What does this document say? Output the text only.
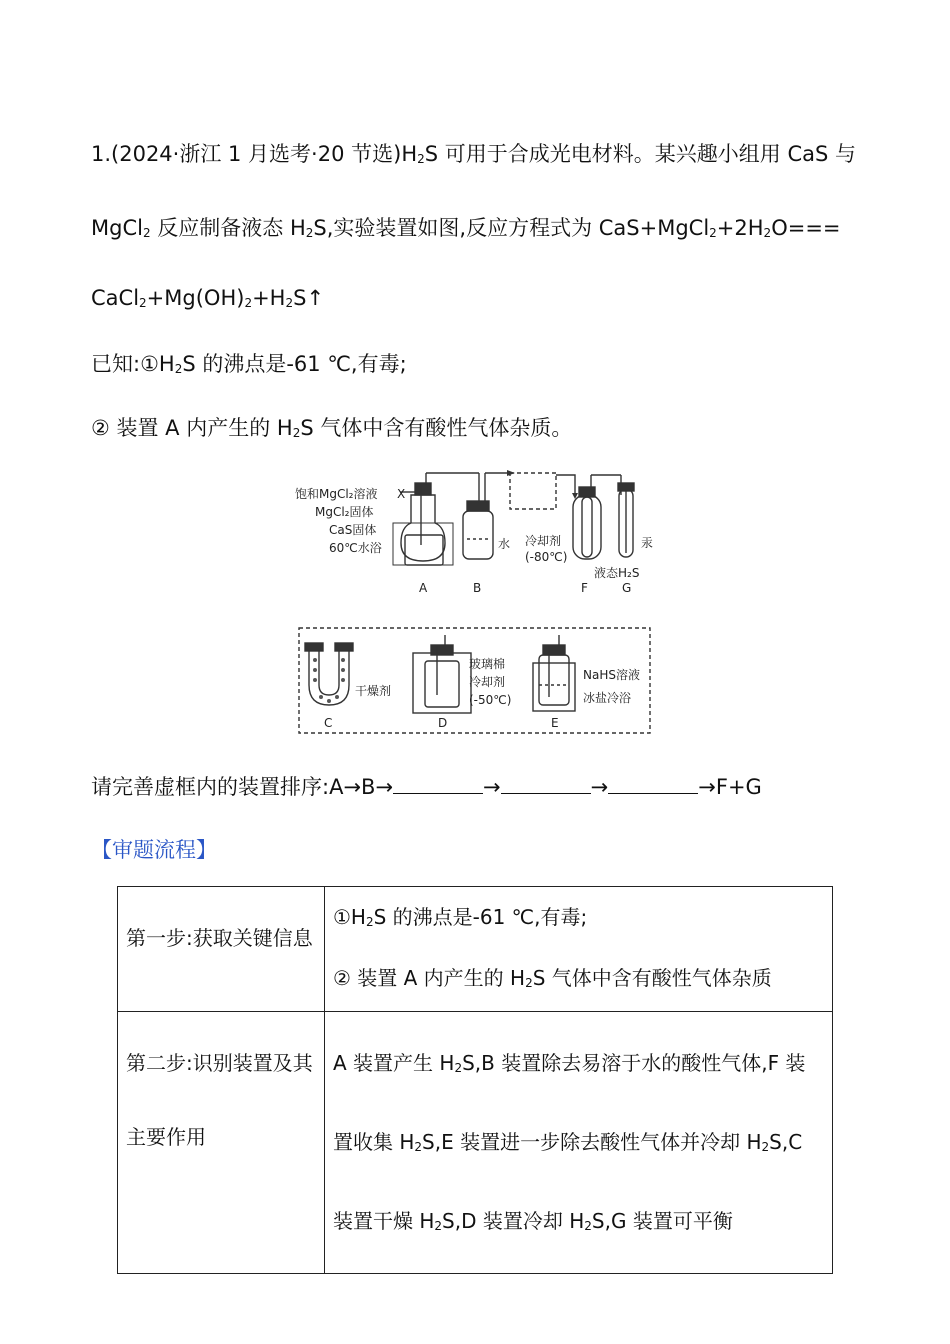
1.(2024·浙江 1 月选考·20 节选)$H_2S$ 可用于合成光电材料。某兴趣小组用 CaS 与
MgCl$_2$ 反应制备液态 $H_2S$,实验装置如图,反应方程式为 $CaS+MgCl_2+2H_2O===$
$CaCl_2+Mg(OH)_2+H_2S↑$
已知$:①H_2S$ 的沸点是-61 ℃,有毒;
② 装置 A 内产生的 $H_2S$ 气体中含有酸性气体杂质。
饱和MgCl₂溶液 X
MgCl₂固体
CaS固体
60℃水浴	水 冷却剂
(-80℃)
液态H₂S
汞
A	B	F	G
干燥剂
玻璃棉
冷却剂
(-50℃)
NaHS溶液
冰盐冷浴
C	D	E
请完善虚框内的装置排序:A→B→	→	→	→F+G
【审题流程】
第一步:获取关键信息	$①H_2S$ 的沸点是-61 ℃,有毒;
② 装置 A 内产生的 $H_2S$ 气体中含有酸性气体杂质

第二步:识别装置及其主要作用	A 装置产生 $H_2S,B$ 装置除去易溶于水的酸性气体,F 装置收集 $H_2S,E$ 装置进一步除去酸性气体并冷却 $H_2S,C$ 装置干燥 $H_2S,D$ 装置冷却 $H_2S,G$ 装置可平衡
